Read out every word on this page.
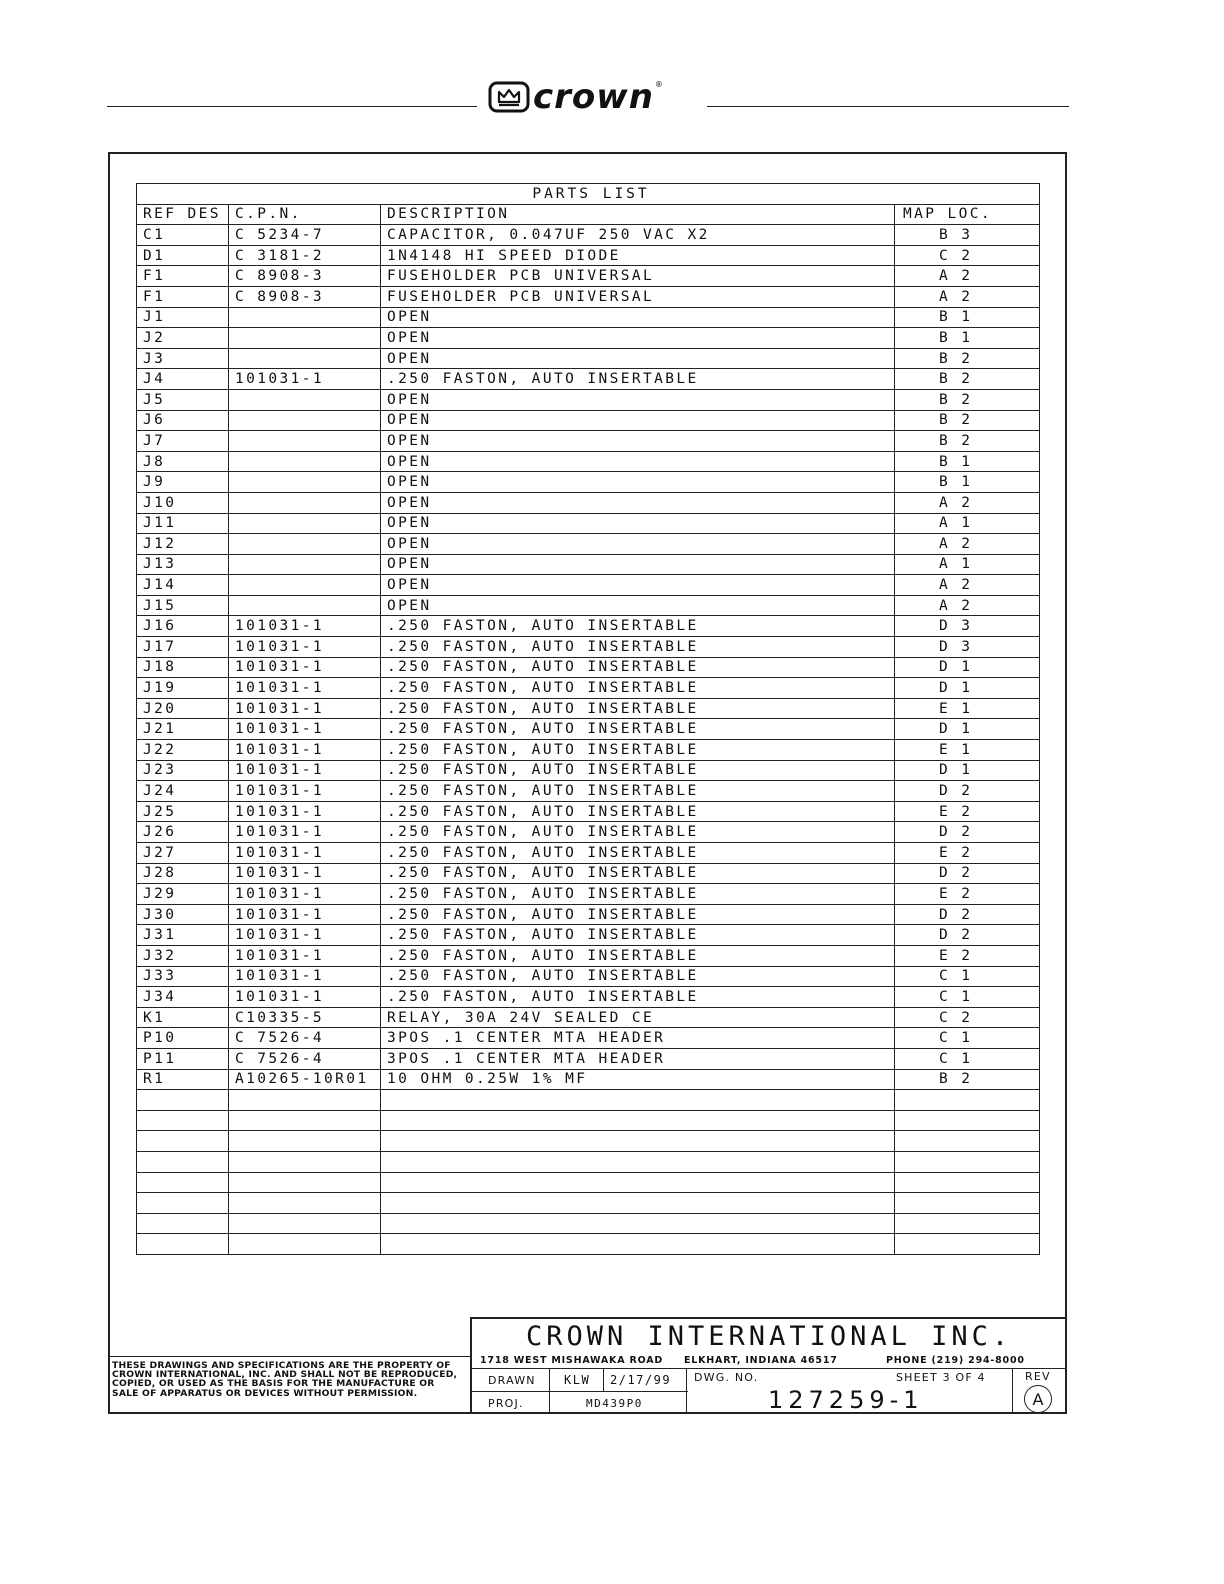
crown ®
PARTS LIST			
REF DES	C.P.N.	DESCRIPTION	MAP LOC.
C1	C 5234-7	CAPACITOR, 0.047UF 250 VAC X2	B 3
D1	C 3181-2	1N4148 HI SPEED DIODE	C 2
F1	C 8908-3	FUSEHOLDER PCB UNIVERSAL	A 2
F1	C 8908-3	FUSEHOLDER PCB UNIVERSAL	A 2
J1		OPEN	B 1
J2		OPEN	B 1
J3		OPEN	B 2
J4	101031-1	.250 FASTON, AUTO INSERTABLE	B 2
J5		OPEN	B 2
J6		OPEN	B 2
J7		OPEN	B 2
J8		OPEN	B 1
J9		OPEN	B 1
J10		OPEN	A 2
J11		OPEN	A 1
J12		OPEN	A 2
J13		OPEN	A 1
J14		OPEN	A 2
J15		OPEN	A 2
J16	101031-1	.250 FASTON, AUTO INSERTABLE	D 3
J17	101031-1	.250 FASTON, AUTO INSERTABLE	D 3
J18	101031-1	.250 FASTON, AUTO INSERTABLE	D 1
J19	101031-1	.250 FASTON, AUTO INSERTABLE	D 1
J20	101031-1	.250 FASTON, AUTO INSERTABLE	E 1
J21	101031-1	.250 FASTON, AUTO INSERTABLE	D 1
J22	101031-1	.250 FASTON, AUTO INSERTABLE	E 1
J23	101031-1	.250 FASTON, AUTO INSERTABLE	D 1
J24	101031-1	.250 FASTON, AUTO INSERTABLE	D 2
J25	101031-1	.250 FASTON, AUTO INSERTABLE	E 2
J26	101031-1	.250 FASTON, AUTO INSERTABLE	D 2
J27	101031-1	.250 FASTON, AUTO INSERTABLE	E 2
J28	101031-1	.250 FASTON, AUTO INSERTABLE	D 2
J29	101031-1	.250 FASTON, AUTO INSERTABLE	E 2
J30	101031-1	.250 FASTON, AUTO INSERTABLE	D 2
J31	101031-1	.250 FASTON, AUTO INSERTABLE	D 2
J32	101031-1	.250 FASTON, AUTO INSERTABLE	E 2
J33	101031-1	.250 FASTON, AUTO INSERTABLE	C 1
J34	101031-1	.250 FASTON, AUTO INSERTABLE	C 1
K1	C10335-5	RELAY, 30A 24V SEALED CE	C 2
P10	C 7526-4	3POS .1 CENTER MTA HEADER	C 1
P11	C 7526-4	3POS .1 CENTER MTA HEADER	C 1
R1	A10265-10R01	10 OHM 0.25W 1% MF	B 2

THESE DRAWINGS AND SPECIFICATIONS ARE THE PROPERTY OF CROWN INTERNATIONAL, INC. AND SHALL NOT BE REPRODUCED, COPIED, OR USED AS THE BASIS FOR THE MANUFACTURE OR SALE OF APPARATUS OR DEVICES WITHOUT PERMISSION.
CROWN INTERNATIONAL INC.
1718 WEST MISHAWAKA ROAD ELKHART, INDIANA 46517	PHONE (219) 294-8000
DRAWN KLW 2/17/99
PROJ.	MD439P0
DWG. NO.	SHEET 3 OF 4
127259-1
REV
A
